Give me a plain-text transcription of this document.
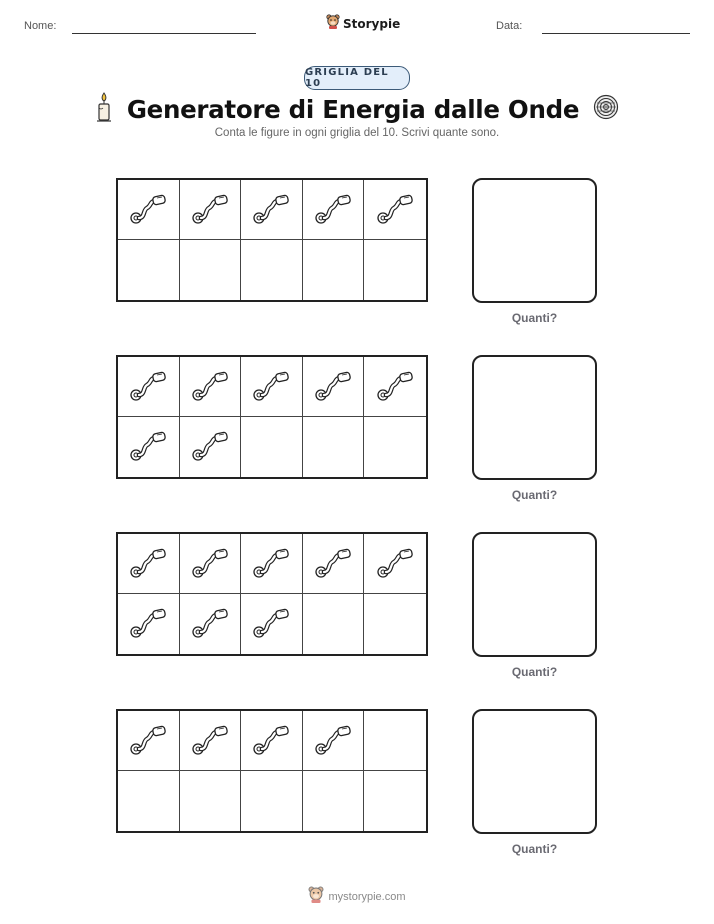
Nome:	Storypie	Data:
GRIGLIA DEL 10
Generatore di Energia dalle Onde
Conta le figure in ogni griglia del 10. Scrivi quante sono.
Quanti?
Quanti?
Quanti?
Quanti?
mystorypie.com
